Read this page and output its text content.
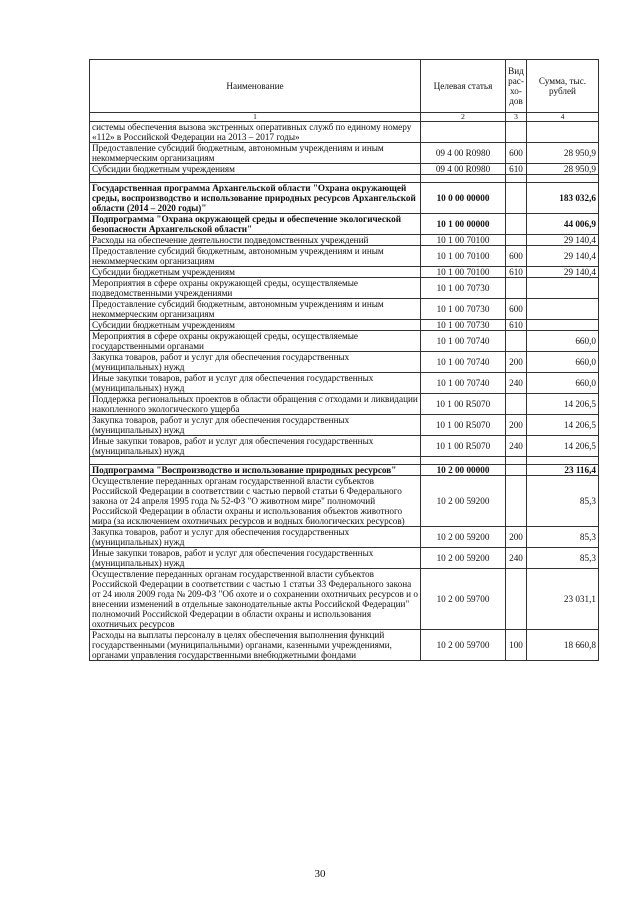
Наименование	Целевая статья	Вид рас-хо-дов	Сумма, тыс. рублей
1	2	3	4
системы обеспечения вызова экстренных оперативных служб по единому номеру «112» в Российской Федерации на 2013 – 2017 годы»			
Предоставление субсидий бюджетным, автономным учреждениям и иным некоммерческим организациям	09 4 00 R0980	600	28 950,9
Субсидии бюджетным учреждениям	09 4 00 R0980	610	28 950,9

Государственная программа Архангельской области "Охрана окружающей среды, воспроизводство и использование природных ресурсов Архангельской области (2014 – 2020 годы)"	10 0 00 00000		183 032,6
Подпрограмма "Охрана окружающей среды и обеспечение экологической безопасности Архангельской области"	10 1 00 00000		44 006,9
Расходы на обеспечение деятельности подведомственных учреждений	10 1 00 70100		29 140,4
Предоставление субсидий бюджетным, автономным учреждениям и иным некоммерческим организациям	10 1 00 70100	600	29 140,4
Субсидии бюджетным учреждениям	10 1 00 70100	610	29 140,4
Мероприятия в сфере охраны окружающей среды, осуществляемые подведомственными учреждениями	10 1 00 70730		
Предоставление субсидий бюджетным, автономным учреждениям и иным некоммерческим организациям	10 1 00 70730	600	
Субсидии бюджетным учреждениям	10 1 00 70730	610	
Мероприятия в сфере охраны окружающей среды, осуществляемые государственными органами	10 1 00 70740		660,0
Закупка товаров, работ и услуг для обеспечения государственных (муниципальных) нужд	10 1 00 70740	200	660,0
Иные закупки товаров, работ и услуг для обеспечения государственных (муниципальных) нужд	10 1 00 70740	240	660,0
Поддержка региональных проектов в области обращения с отходами и ликвидации накопленного экологического ущерба	10 1 00 R5070		14 206,5
Закупка товаров, работ и услуг для обеспечения государственных (муниципальных) нужд	10 1 00 R5070	200	14 206,5
Иные закупки товаров, работ и услуг для обеспечения государственных (муниципальных) нужд	10 1 00 R5070	240	14 206,5

Подпрограмма "Воспроизводство и использование природных ресурсов"	10 2 00 00000		23 116,4
Осуществление переданных органам государственной власти субъектов Российской Федерации в соответствии с частью первой статьи 6 Федерального закона от 24 апреля 1995 года № 52-ФЗ "О животном мире" полномочий Российской Федерации в области охраны и использования объектов животного мира (за исключением охотничьих ресурсов и водных биологических ресурсов)	10 2 00 59200		85,3
Закупка товаров, работ и услуг для обеспечения государственных (муниципальных) нужд	10 2 00 59200	200	85,3
Иные закупки товаров, работ и услуг для обеспечения государственных (муниципальных) нужд	10 2 00 59200	240	85,3
Осуществление переданных органам государственной власти субъектов Российской Федерации в соответствии с частью 1 статьи 33 Федерального закона от 24 июля 2009 года № 209-ФЗ "Об охоте и о сохранении охотничьих ресурсов и о внесении изменений в отдельные законодательные акты Российской Федерации" полномочий Российской Федерации в области охраны и использования охотничьих ресурсов	10 2 00 59700		23 031,1
Расходы на выплаты персоналу в целях обеспечения выполнения функций государственными (муниципальными) органами, казенными учреждениями, органами управления государственными внебюджетными фондами	10 2 00 59700	100	18 660,8
30
